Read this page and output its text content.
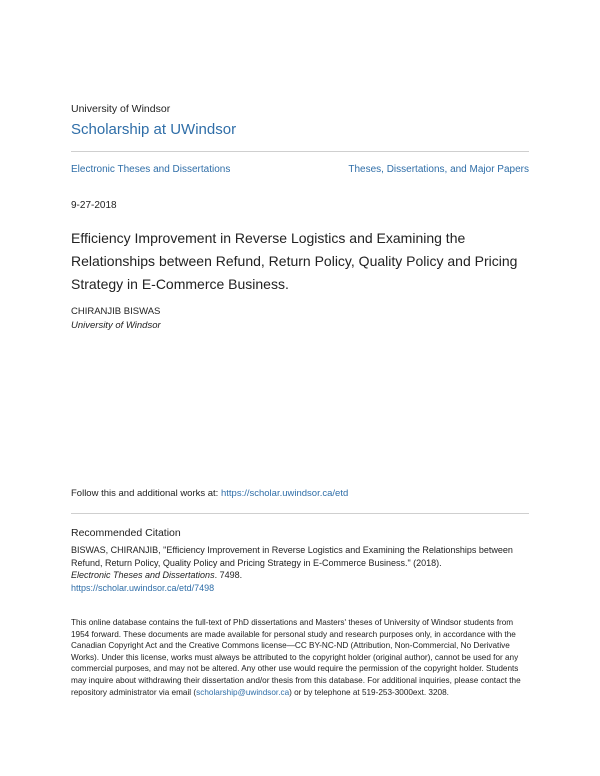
University of Windsor
Scholarship at UWindsor
Electronic Theses and Dissertations	Theses, Dissertations, and Major Papers
9-27-2018
Efficiency Improvement in Reverse Logistics and Examining the Relationships between Refund, Return Policy, Quality Policy and Pricing Strategy in E-Commerce Business.
CHIRANJIB BISWAS
University of Windsor
Follow this and additional works at: https://scholar.uwindsor.ca/etd
Recommended Citation
BISWAS, CHIRANJIB, "Efficiency Improvement in Reverse Logistics and Examining the Relationships between Refund, Return Policy, Quality Policy and Pricing Strategy in E-Commerce Business." (2018).
Electronic Theses and Dissertations. 7498.
https://scholar.uwindsor.ca/etd/7498
This online database contains the full-text of PhD dissertations and Masters' theses of University of Windsor students from 1954 forward. These documents are made available for personal study and research purposes only, in accordance with the Canadian Copyright Act and the Creative Commons license—CC BY-NC-ND (Attribution, Non-Commercial, No Derivative Works). Under this license, works must always be attributed to the copyright holder (original author), cannot be used for any commercial purposes, and may not be altered. Any other use would require the permission of the copyright holder. Students may inquire about withdrawing their dissertation and/or thesis from this database. For additional inquiries, please contact the repository administrator via email (scholarship@uwindsor.ca) or by telephone at 519-253-3000ext. 3208.
